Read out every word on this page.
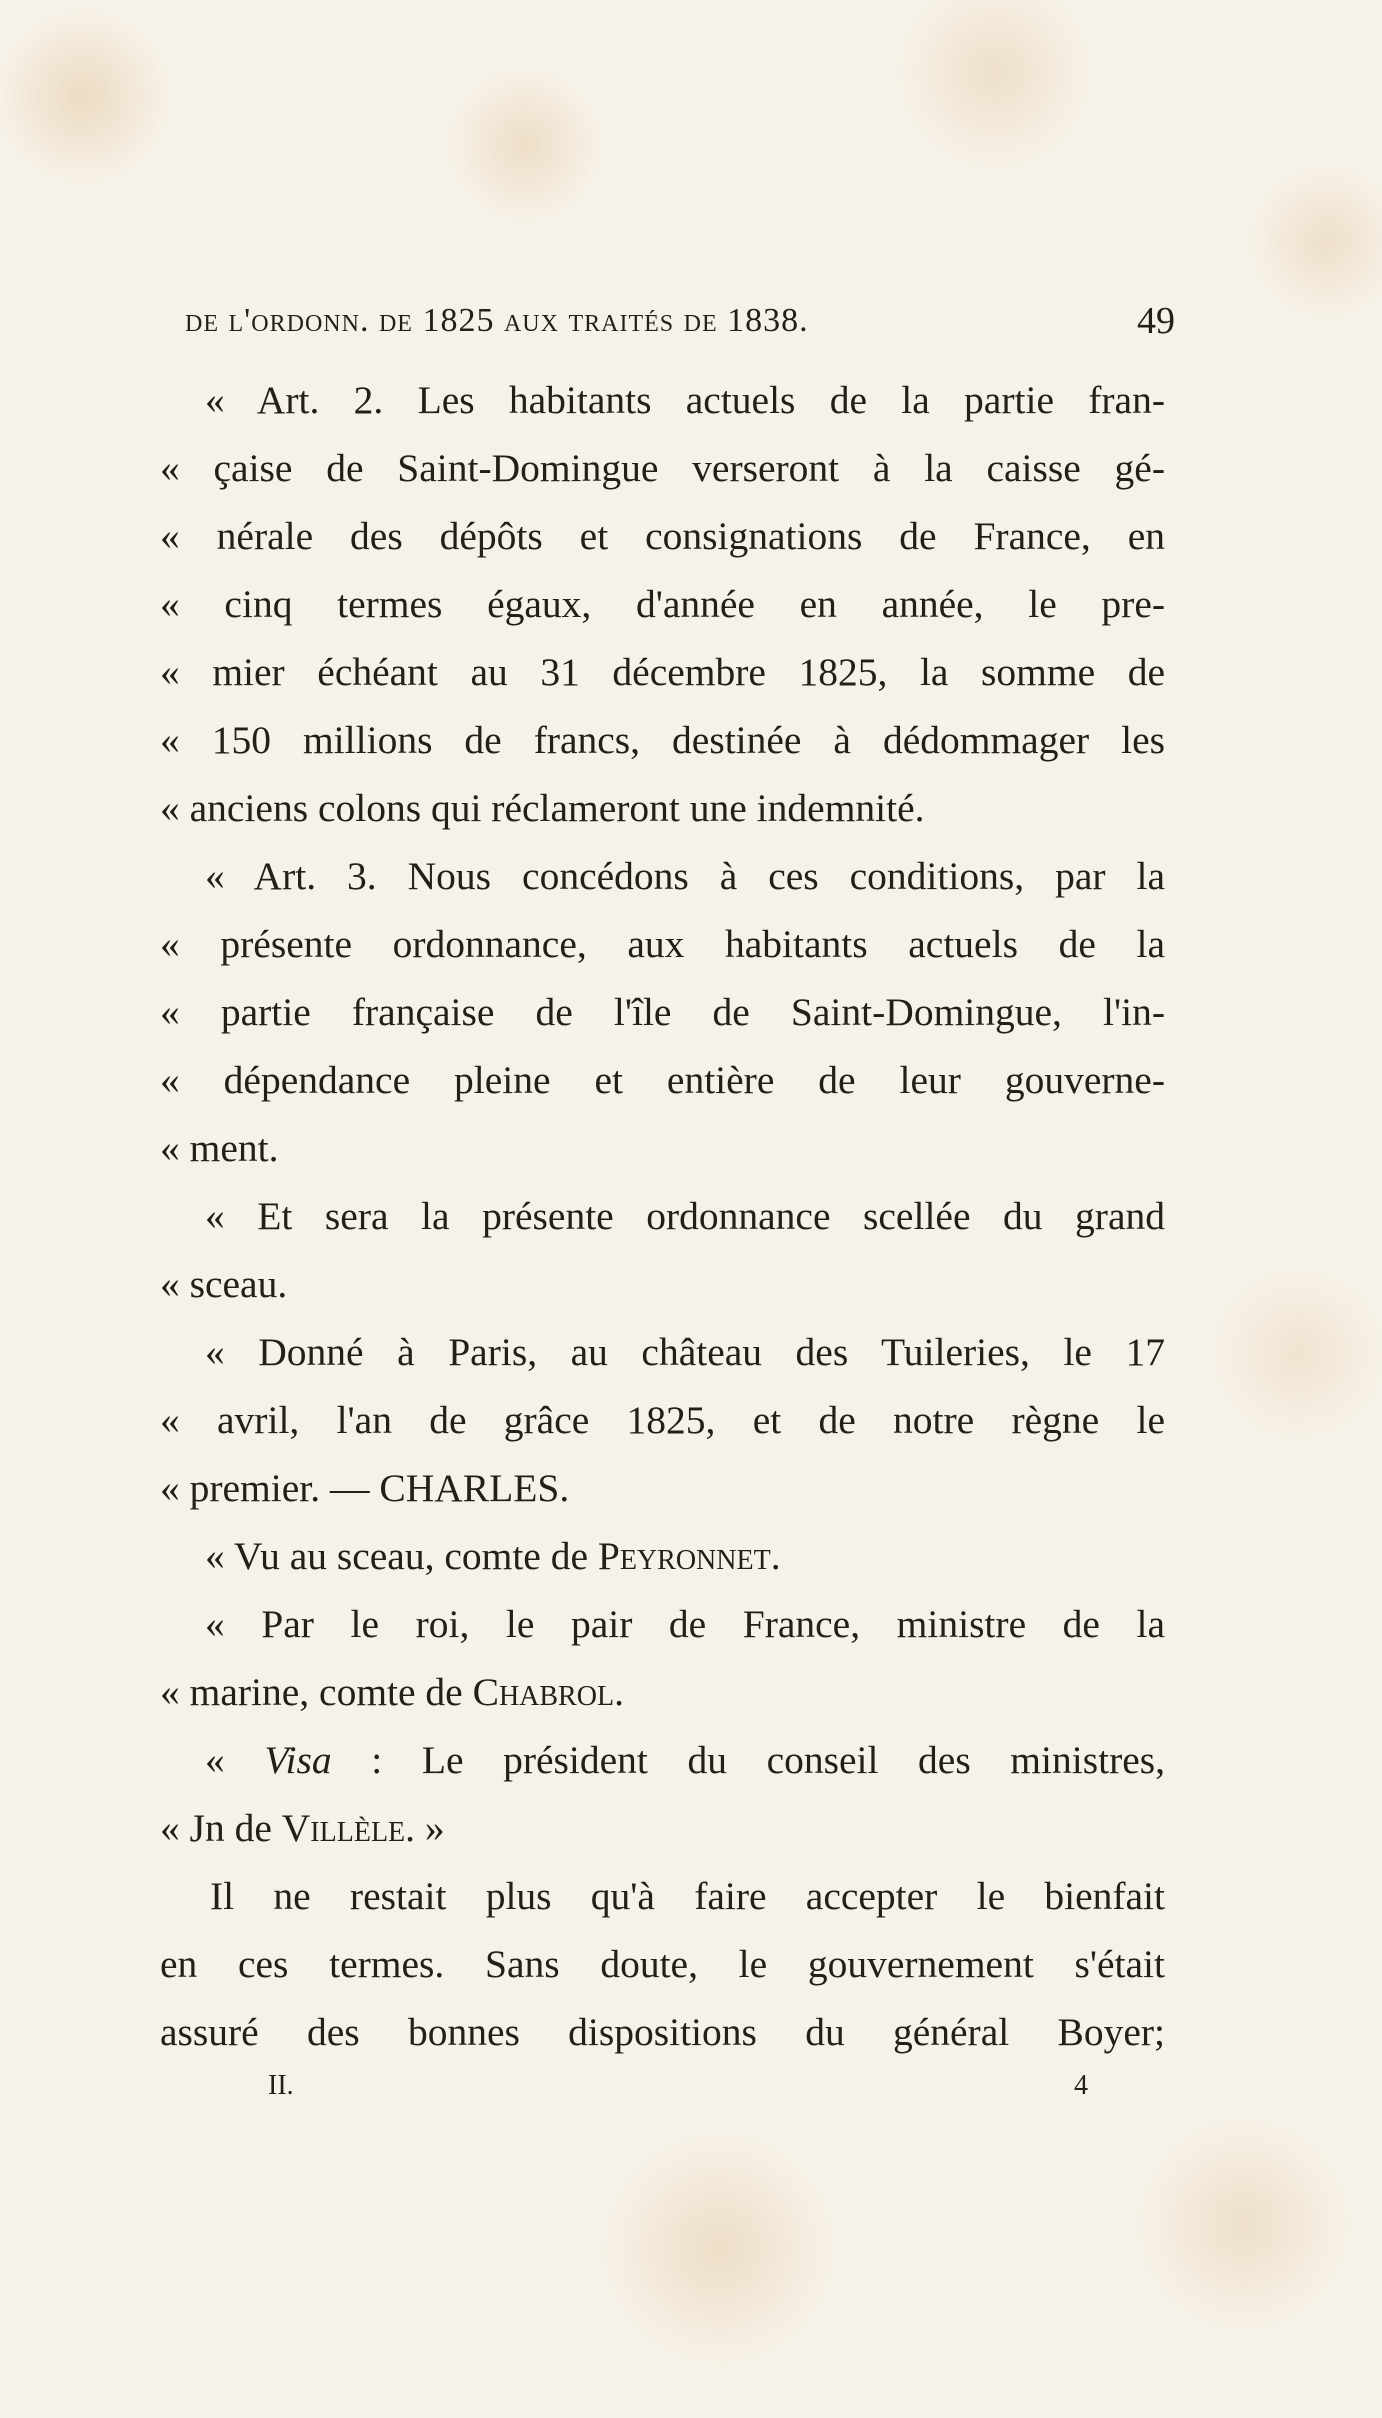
de l'ordonn. de 1825 aux traités de 1838.	49
« Art. 2. Les habitants actuels de la partie fran-
« çaise de Saint-Domingue verseront à la caisse gé-
« nérale des dépôts et consignations de France, en
« cinq termes égaux, d'année en année, le pre-
« mier échéant au 31 décembre 1825, la somme de
« 150 millions de francs, destinée à dédommager les
« anciens colons qui réclameront une indemnité.
« Art. 3. Nous concédons à ces conditions, par la
« présente ordonnance, aux habitants actuels de la
« partie française de l'île de Saint-Domingue, l'in-
« dépendance pleine et entière de leur gouverne-
« ment.
« Et sera la présente ordonnance scellée du grand
« sceau.
« Donné à Paris, au château des Tuileries, le 17
« avril, l'an de grâce 1825, et de notre règne le
« premier. — CHARLES.
« Vu au sceau, comte de Peyronnet.
« Par le roi, le pair de France, ministre de la
« marine, comte de Chabrol.
« Visa : Le président du conseil des ministres,
« Jn de Villèle. »
Il ne restait plus qu'à faire accepter le bienfait
en ces termes. Sans doute, le gouvernement s'était
assuré des bonnes dispositions du général Boyer;
II.	4
